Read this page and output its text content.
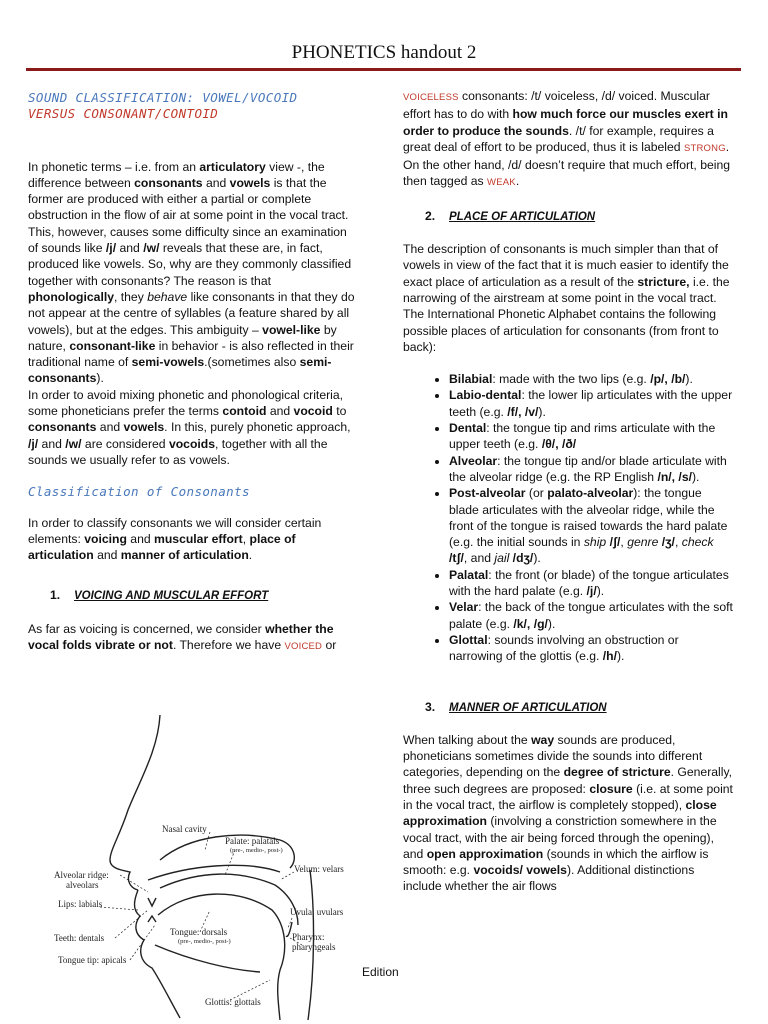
PHONETICS handout 2
SOUND CLASSIFICATION: VOWEL/VOCOID
VERSUS CONSONANT/CONTOID

In phonetic terms – i.e. from an articulatory view -, the difference between consonants and vowels is that the former are produced with either a partial or complete obstruction in the flow of air at some point in the vocal tract. This, however, causes some difficulty since an examination of sounds like /j/ and /w/ reveals that these are, in fact, produced like vowels. So, why are they commonly classified together with consonants? The reason is that phonologically, they behave like consonants in that they do not appear at the centre of syllables (a feature shared by all vowels), but at the edges. This ambiguity – vowel-like by nature, consonant-like in behavior - is also reflected in their traditional name of semi-vowels.(sometimes also semi-consonants).

In order to avoid mixing phonetic and phonological criteria, some phoneticians prefer the terms contoid and vocoid to consonants and vowels. In this, purely phonetic approach, /j/ and /w/ are considered vocoids, together with all the sounds we usually refer to as vowels.

Classification of Consonants

In order to classify consonants we will consider certain elements: voicing and muscular effort, place of articulation and manner of articulation.

1. VOICING AND MUSCULAR EFFORT

As far as voicing is concerned, we consider whether the vocal folds vibrate or not. Therefore we have VOICED or

VOICELESS consonants: /t/ voiceless, /d/ voiced. Muscular effort has to do with how much force our muscles exert in order to produce the sounds. /t/ for example, requires a great deal of effort to be produced, thus it is labeled STRONG. On the other hand, /d/ doesn’t require that much effort, being then tagged as WEAK.

2. PLACE OF ARTICULATION

The description of consonants is much simpler than that of vowels in view of the fact that it is much easier to identify the exact place of articulation as a result of the stricture, i.e. the narrowing of the airstream at some point in the vocal tract.

The International Phonetic Alphabet contains the following possible places of articulation for consonants (from front to back):

• Bilabial: made with the two lips (e.g. /p/, /b/).
• Labio-dental: the lower lip articulates with the upper teeth (e.g. /f/, /v/).
• Dental: the tongue tip and rims articulate with the upper teeth (e.g. /θ/, /ð/
• Alveolar: the tongue tip and/or blade articulate with the alveolar ridge (e.g. the RP English /n/, /s/).
• Post-alveolar (or palato-alveolar): the tongue blade articulates with the alveolar ridge, while the front of the tongue is raised towards the hard palate (e.g. the initial sounds in ship /ʃ/, genre /ʒ/, check /tʃ/, and jail /dʒ/).
• Palatal: the front (or blade) of the tongue articulates with the hard palate (e.g. /j/).
• Velar: the back of the tongue articulates with the soft palate (e.g. /k/, /g/).
• Glottal: sounds involving an obstruction or narrowing of the glottis (e.g. /h/).
3. MANNER OF ARTICULATION

When talking about the way sounds are produced, phoneticians sometimes divide the sounds into different categories, depending on the degree of stricture. Generally, three such degrees are proposed: closure (i.e. at some point in the vocal tract, the airflow is completely stopped), close approximation (involving a constriction somewhere in the vocal tract, with the air being forced through the opening), and open approximation (sounds in which the airflow is smooth: e.g. vocoids/ vowels). Additional distinctions include whether the air flows

Nasal cavity
Palate: palatals
(pre-, medio-, post-)
Velum: velars
Alveolar ridge:
alveolars
Lips: labials
Uvula: uvulars
Tongue: dorsals
(pre-, medio-, post-)
Teeth: dentals	Pharynx:
pharyngeals
Tongue tip: apicals
Glottis: glottals
Edition
